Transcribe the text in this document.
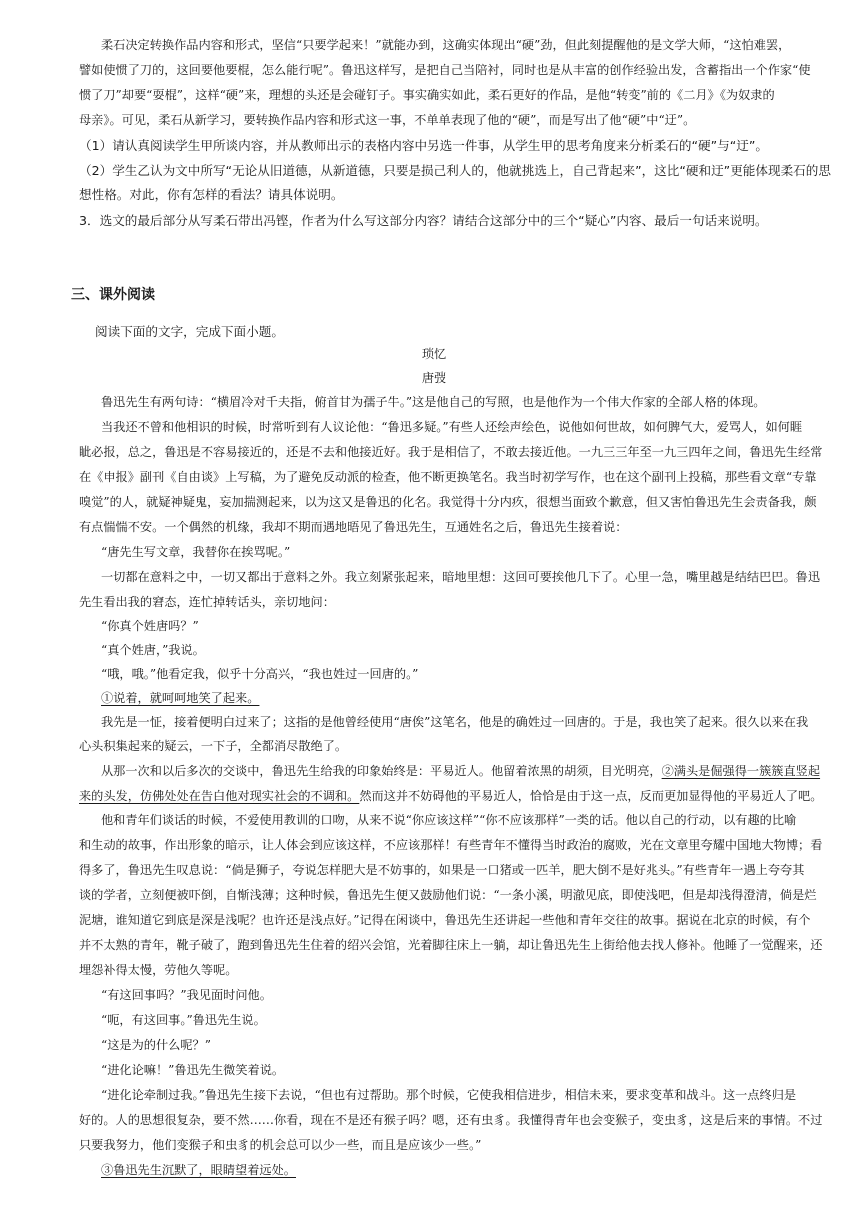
柔石决定转换作品内容和形式，坚信“只要学起来！”就能办到，这确实体现出“硬”劲，但此刻提醒他的是文学大师，“这怕难罢，

譬如使惯了刀的，这回要他要棍，怎么能行呢”。鲁迅这样写，是把自己当陪衬，同时也是从丰富的创作经验出发，含蓄指出一个作家“使

惯了刀”却要“耍棍”，这样“硬”来，理想的头还是会碰钉子。事实确实如此，柔石更好的作品，是他“转变”前的《二月》《为奴隶的

母亲》。可见，柔石从新学习，要转换作品内容和形式这一事，不单单表现了他的“硬”，而是写出了他“硬”中“迂”。

（1）请认真阅读学生甲所谈内容，并从教师出示的表格内容中另选一件事，从学生甲的思考角度来分析柔石的“硬”与“迂”。

（2）学生乙认为文中所写“无论从旧道德，从新道德，只要是损己利人的，他就挑选上，自己背起来”，这比“硬和迂”更能体现柔石的思

想性格。对此，你有怎样的看法？请具体说明。

3．选文的最后部分从写柔石带出冯铿，作者为什么写这部分内容？请结合这部分中的三个“疑心”内容、最后一句话来说明。

三、课外阅读

阅读下面的文字，完成下面小题。

琐忆

唐弢

鲁迅先生有两句诗：“横眉冷对千夫指，俯首甘为孺子牛。”这是他自己的写照，也是他作为一个伟大作家的全部人格的体现。

当我还不曾和他相识的时候，时常听到有人议论他：“鲁迅多疑。”有些人还绘声绘色，说他如何世故，如何脾气大，爱骂人，如何睚

眦必报，总之，鲁迅是不容易接近的，还是不去和他接近好。我于是相信了，不敢去接近他。一九三三年至一九三四年之间，鲁迅先生经常

在《申报》副刊《自由谈》上写稿，为了避免反动派的检查，他不断更换笔名。我当时初学写作，也在这个副刊上投稿，那些看文章“专靠

嗅觉”的人，就疑神疑鬼，妄加揣测起来，以为这又是鲁迅的化名。我觉得十分内疚，很想当面致个歉意，但又害怕鲁迅先生会责备我，颇

有点惴惴不安。一个偶然的机缘，我却不期而遇地晤见了鲁迅先生，互通姓名之后，鲁迅先生接着说：

“唐先生写文章，我替你在挨骂呢。”

一切都在意料之中，一切又都出于意料之外。我立刻紧张起来，暗地里想：这回可要挨他几下了。心里一急，嘴里越是结结巴巴。鲁迅

先生看出我的窘态，连忙掉转话头，亲切地问：

“你真个姓唐吗？”

“真个姓唐，”我说。

“哦，哦。”他看定我，似乎十分高兴，“我也姓过一回唐的。”

①说着，就呵呵地笑了起来。

我先是一怔，接着便明白过来了；这指的是他曾经使用“唐俟”这笔名，他是的确姓过一回唐的。于是，我也笑了起来。很久以来在我

心头积集起来的疑云，一下子，全都消尽散绝了。

从那一次和以后多次的交谈中，鲁迅先生给我的印象始终是：平易近人。他留着浓黑的胡须，目光明亮，②满头是倔强得一簇簇直竖起

来的头发，仿佛处处在告白他对现实社会的不调和。然而这并不妨碍他的平易近人，恰恰是由于这一点，反而更加显得他的平易近人了吧。

他和青年们谈话的时候，不爱使用教训的口吻，从来不说“你应该这样”“你不应该那样”一类的话。他以自己的行动，以有趣的比喻

和生动的故事，作出形象的暗示，让人体会到应该这样，不应该那样！有些青年不懂得当时政治的腐败，光在文章里夸耀中国地大物博；看

得多了，鲁迅先生叹息说：“倘是狮子，夸说怎样肥大是不妨事的，如果是一口猪或一匹羊，肥大倒不是好兆头。”有些青年一遇上夸夸其

谈的学者，立刻便被吓倒，自惭浅薄；这种时候，鲁迅先生便又鼓励他们说：“一条小溪，明澈见底，即使浅吧，但是却浅得澄清，倘是烂

泥塘，谁知道它到底是深是浅呢？也许还是浅点好。”记得在闲谈中，鲁迅先生还讲起一些他和青年交往的故事。据说在北京的时候，有个

并不太熟的青年，靴子破了，跑到鲁迅先生住着的绍兴会馆，光着脚往床上一躺，却让鲁迅先生上街给他去找人修补。他睡了一觉醒来，还

埋怨补得太慢，劳他久等呢。

“有这回事吗？”我见面时问他。

“呃，有这回事。”鲁迅先生说。

“这是为的什么呢？”

“进化论嘛！”鲁迅先生微笑着说。

“进化论牵制过我。”鲁迅先生接下去说，“但也有过帮助。那个时候，它使我相信进步，相信未来，要求变革和战斗。这一点终归是

好的。人的思想很复杂，要不然……你看，现在不是还有猴子吗？嗯，还有虫豸。我懂得青年也会变猴子，变虫豸，这是后来的事情。不过

只要我努力，他们变猴子和虫豸的机会总可以少一些，而且是应该少一些。”

③鲁迅先生沉默了，眼睛望着远处。
